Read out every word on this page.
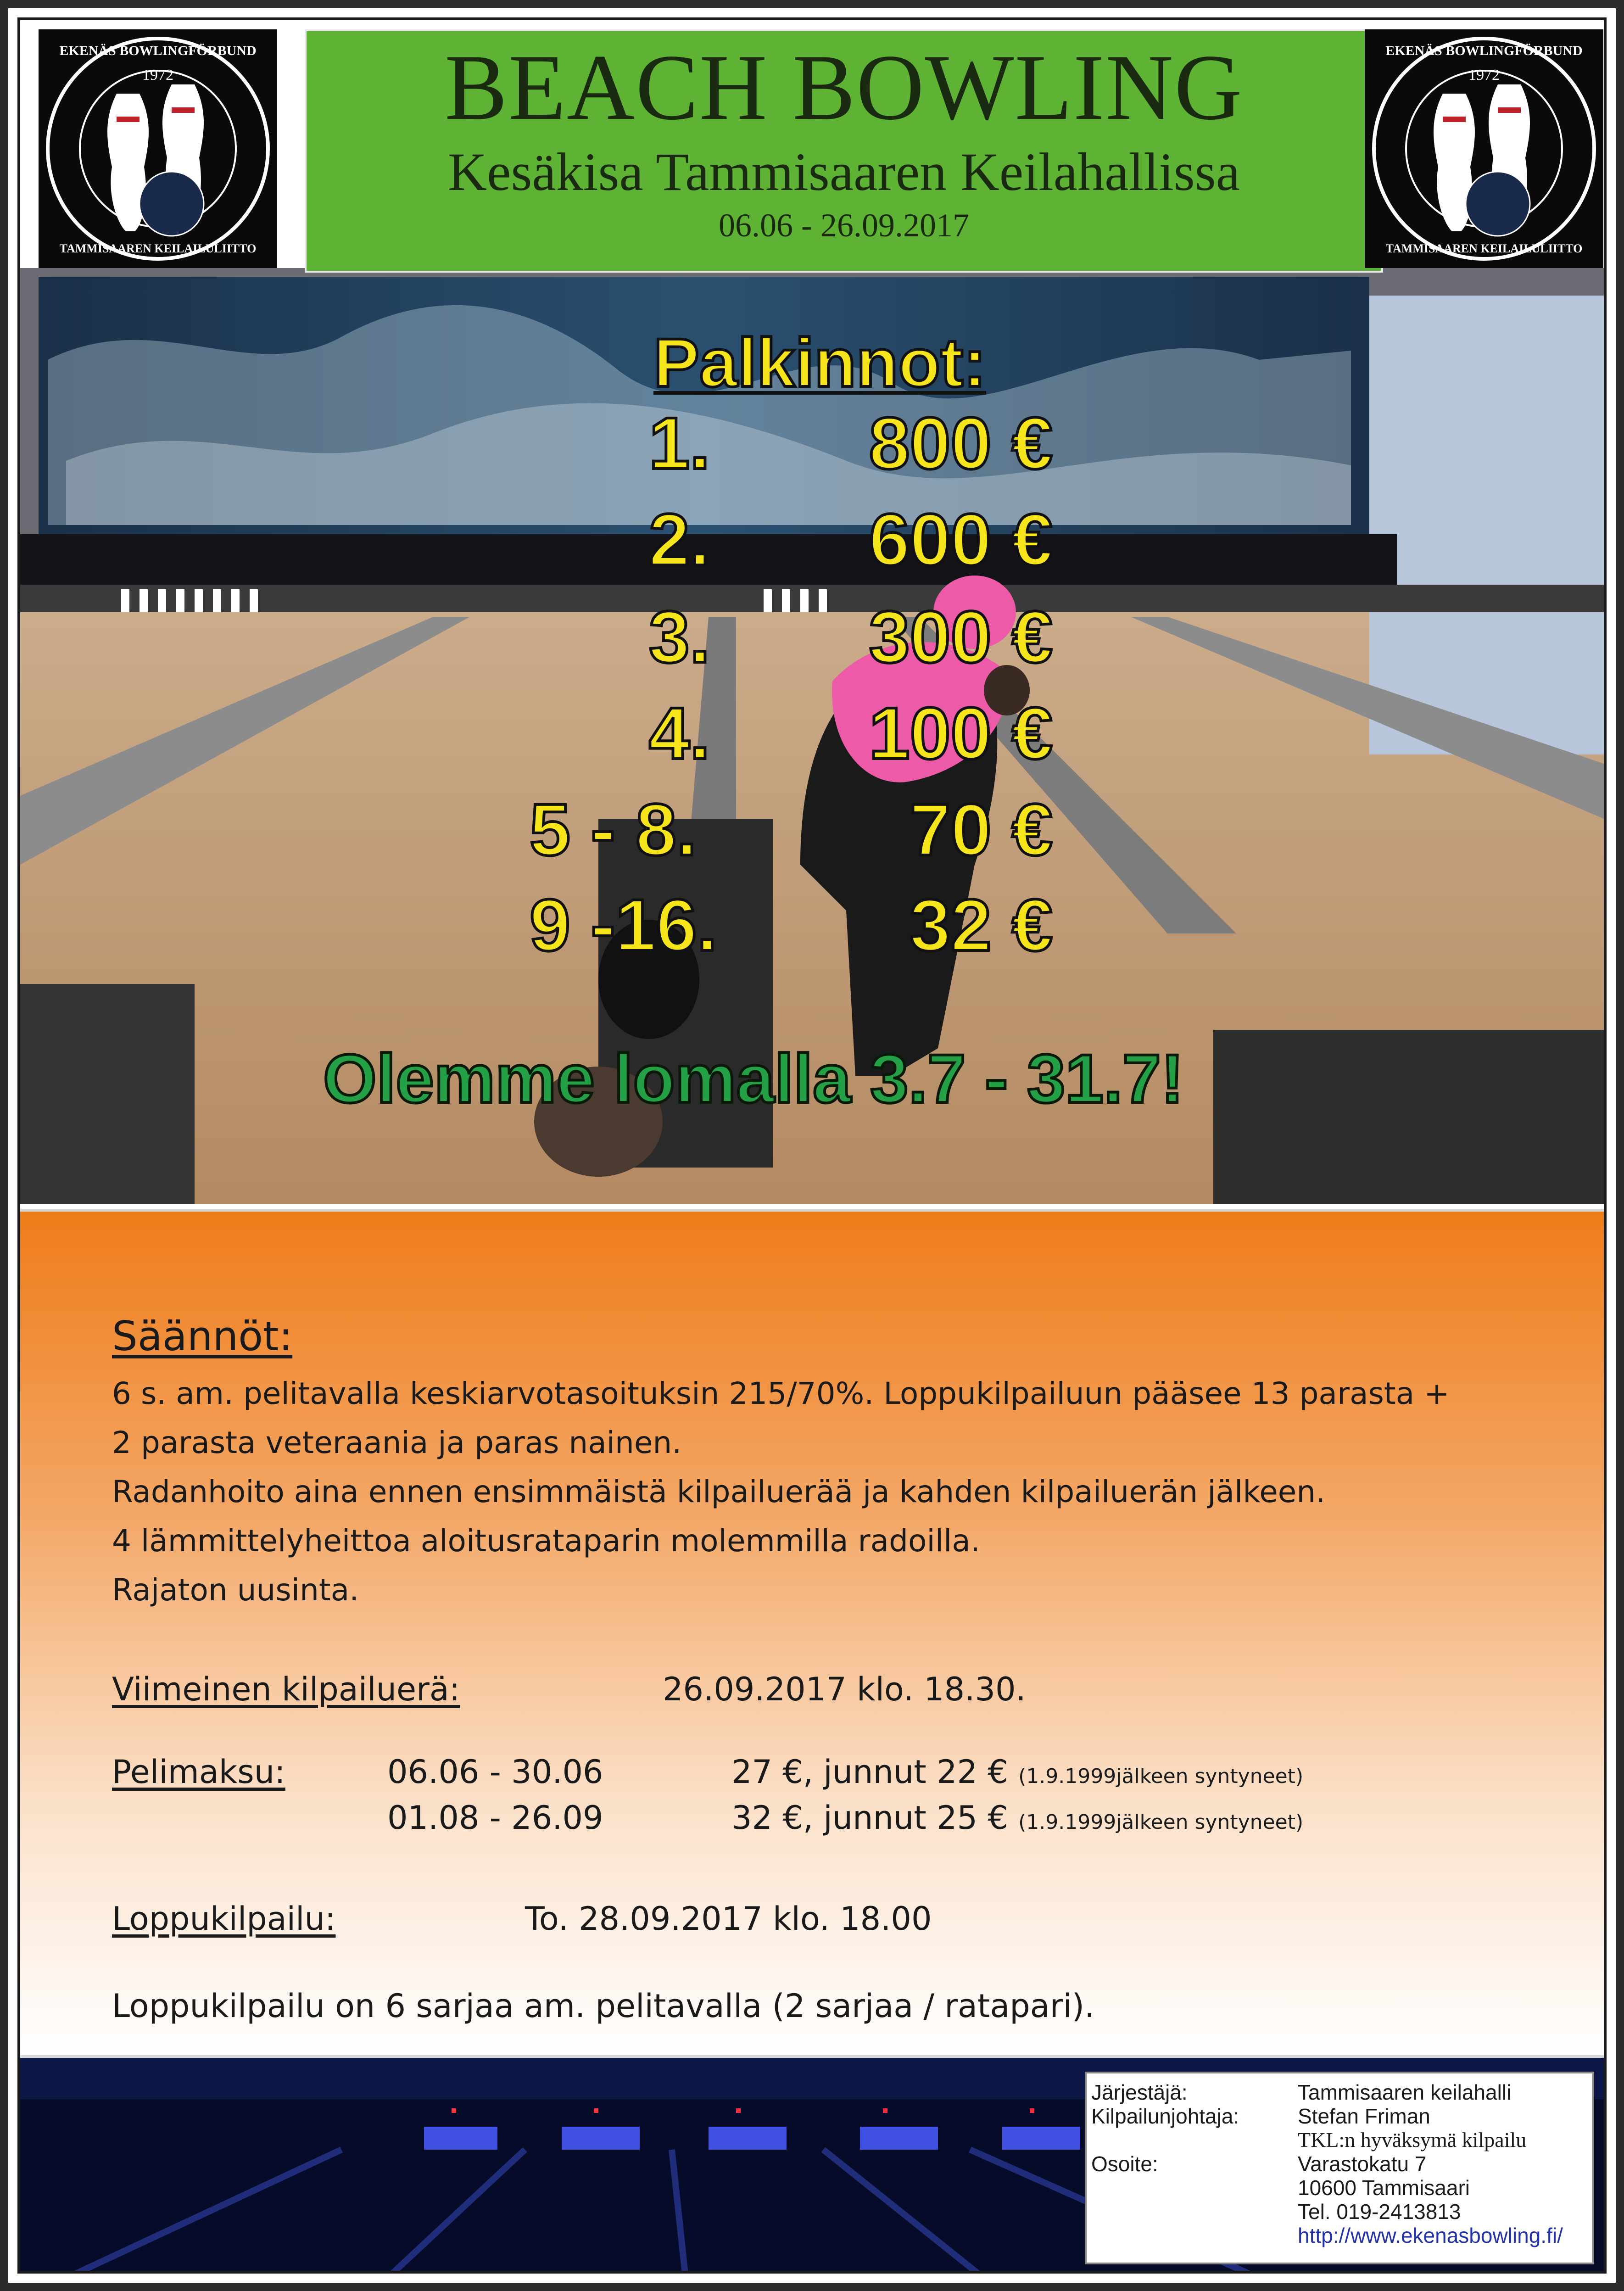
Palkinnot:
1. 800 €
2. 600 €
3. 300 €
4. 100 €
5 - 8.	70 €
9 -16.	32 €
Olemme lomalla 3.7 - 31.7!
BEACH BOWLING
Kesäkisa Tammisaaren Keilahallissa
06.06 - 26.09.2017
1972
EKENÄS BOWLINGFÖRBUND
TAMMISAAREN KEILAILULIITTO
1972
EKENÄS BOWLINGFÖRBUND
TAMMISAAREN KEILAILULIITTO
Säännöt:
6 s. am. pelitavalla keskiarvotasoituksin 215/70%. Loppukilpailuun pääsee 13 parasta +
2 parasta veteraania ja paras nainen.
Radanhoito aina ennen ensimmäistä kilpailuerää ja kahden kilpailuerän jälkeen.
4 lämmittelyheittoa aloitusrataparin molemmilla radoilla.
Rajaton uusinta.
Viimeinen kilpailuerä:	26.09.2017 klo. 18.30.
Pelimaksu:	06.06 - 30.06	27 €, junnut 22 € (1.9.1999jälkeen syntyneet)
01.08 - 26.09	32 €, junnut 25 € (1.9.1999jälkeen syntyneet)
Loppukilpailu:	To. 28.09.2017 klo. 18.00
Loppukilpailu on 6 sarjaa am. pelitavalla (2 sarjaa / ratapari).
Järjestäjä:	Tammisaaren keilahalli
Kilpailunjohtaja:	Stefan Friman
TKL:n hyväksymä kilpailu
Osoite:	Varastokatu 7
10600 Tammisaari
Tel. 019-2413813
http://www.ekenasbowling.fi/
